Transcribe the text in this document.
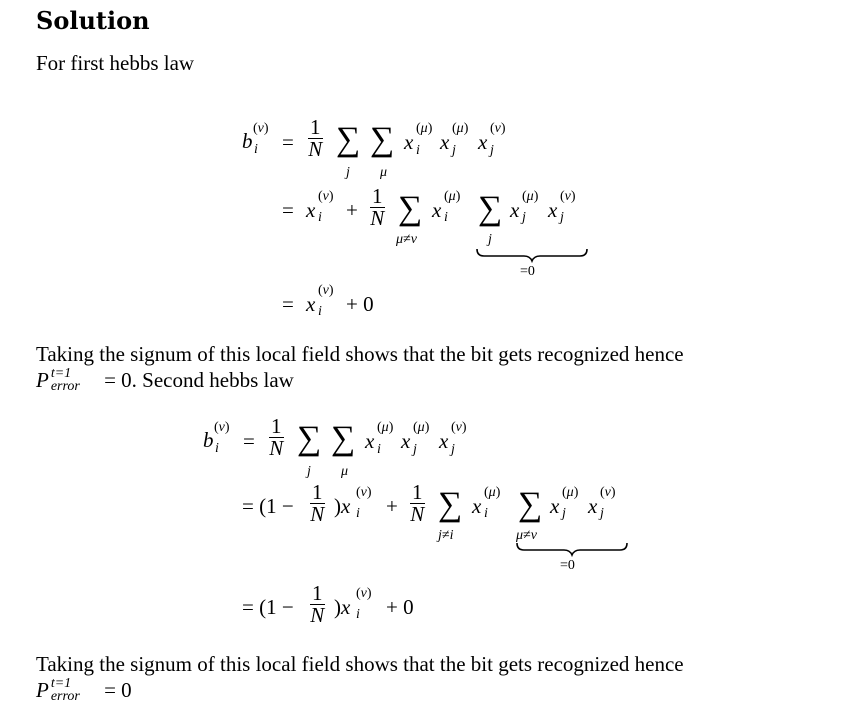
Solution
For first hebbs law
b
(v)
$i = \frac{1}{N}$ ∑
j
∑
μ
x
(μ)
i x
(μ)
j x
(v)
j
= x
(v)
$i + \frac{1}{N}$ ∑
μ≠v
x
(μ)
i ∑
j
x
(μ)
j x
(v)
j
=0
= x
(v)
i + 0
Taking the signum of this local field shows that the bit gets recognized hence
P t=1
error = 0. Second hebbs law
b
(v)
$i = \frac{1}{N}$ ∑
j
∑
μ
x
(μ)
i x
(μ)
j x
(v)
j
= $(1 - \frac{1}{N} )x$
(v)
$i + \frac{1}{N}$ ∑
j≠i
x
(μ)
i ∑
μ≠v
x
(μ)
j x
(v)
j
=0
= $(1 - \frac{1}{N} )x$
(v)
i + 0
Taking the signum of this local field shows that the bit gets recognized hence
P t=1
error = 0
